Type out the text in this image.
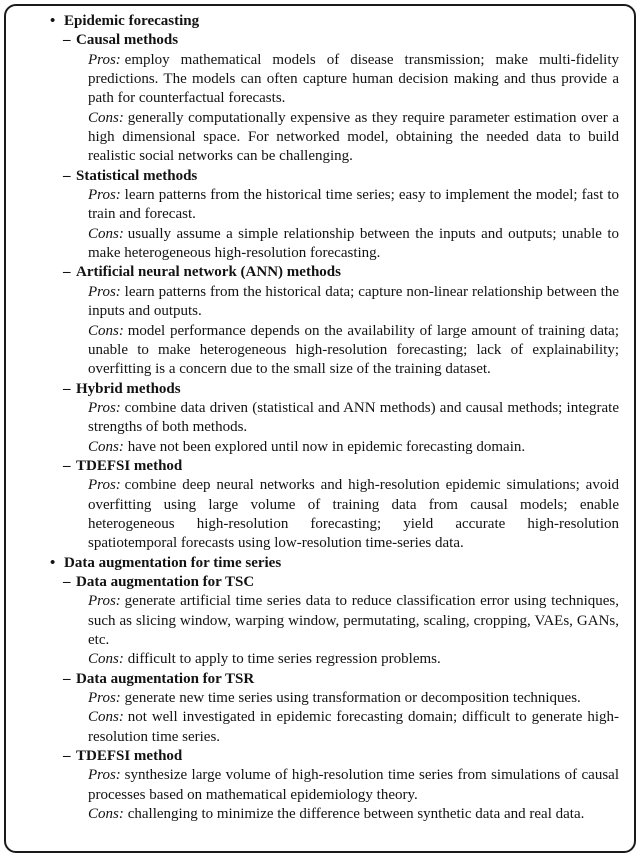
• Epidemic forecasting
– Causal methods

Pros: employ mathematical models of disease transmission; make multi-fidelity predictions. The models can often capture human decision making and thus provide a path for counterfactual forecasts.

Cons: generally computationally expensive as they require parameter estimation over a high dimensional space. For networked model, obtaining the needed data to build realistic social networks can be challenging.

– Statistical methods

Pros: learn patterns from the historical time series; easy to implement the model; fast to train and forecast.

Cons: usually assume a simple relationship between the inputs and outputs; unable to make heterogeneous high-resolution forecasting.

– Artificial neural network (ANN) methods

Pros: learn patterns from the historical data; capture non-linear relationship between the inputs and outputs.

Cons: model performance depends on the availability of large amount of training data; unable to make heterogeneous high-resolution forecasting; lack of explainability; overfitting is a concern due to the small size of the training dataset.

– Hybrid methods

Pros: combine data driven (statistical and ANN methods) and causal methods; integrate strengths of both methods.

Cons: have not been explored until now in epidemic forecasting domain.

– TDEFSI method

Pros: combine deep neural networks and high-resolution epidemic simulations; avoid overfitting using large volume of training data from causal models; enable heterogeneous high-resolution forecasting; yield accurate high-resolution spatiotemporal forecasts using low-resolution time-series data.

• Data augmentation for time series
– Data augmentation for TSC

Pros: generate artificial time series data to reduce classification error using techniques, such as slicing window, warping window, permutating, scaling, cropping, VAEs, GANs, etc.

Cons: difficult to apply to time series regression problems.

– Data augmentation for TSR

Pros: generate new time series using transformation or decomposition techniques.

Cons: not well investigated in epidemic forecasting domain; difficult to generate high-resolution time series.

– TDEFSI method

Pros: synthesize large volume of high-resolution time series from simulations of causal processes based on mathematical epidemiology theory.

Cons: challenging to minimize the difference between synthetic data and real data.
